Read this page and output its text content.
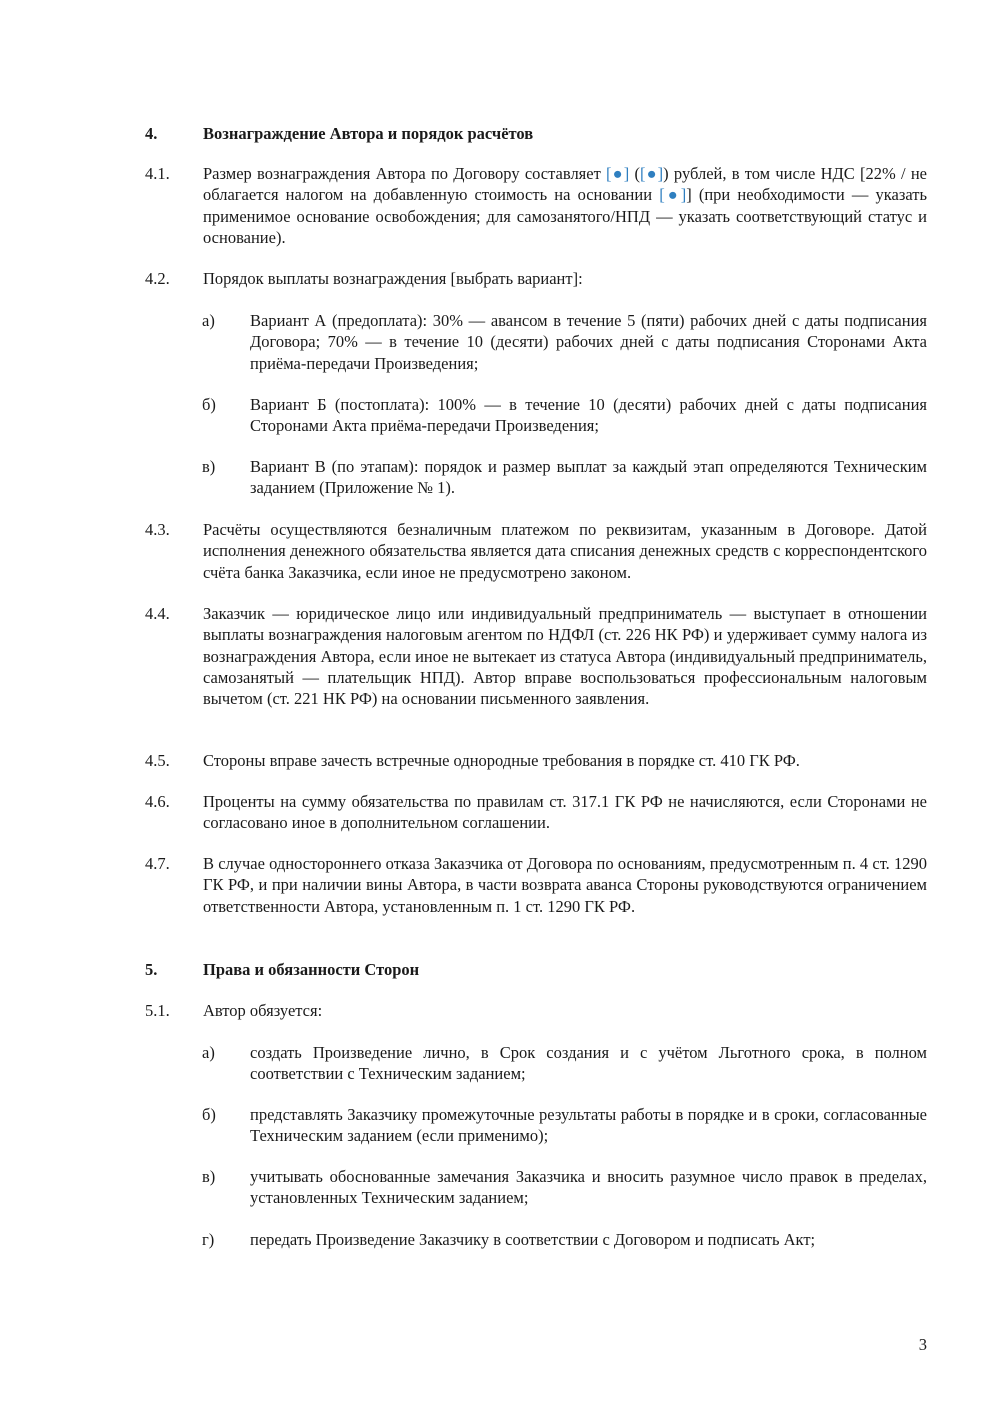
4.	Вознаграждение Автора и порядок расчётов
4.1. Размер вознаграждения Автора по Договору составляет [●] ([●]) рублей, в том числе НДС [22% / не облагается налогом на добавленную стоимость на основании [●]] (при необходимости — указать применимое основание освобождения; для самозанятого/НПД — указать соответствующий статус и основание).
4.2. Порядок выплаты вознаграждения [выбрать вариант]:
а) Вариант А (предоплата): 30% — авансом в течение 5 (пяти) рабочих дней с даты подписания Договора; 70% — в течение 10 (десяти) рабочих дней с даты подписания Сторонами Акта приёма-передачи Произведения;
б) Вариант Б (постоплата): 100% — в течение 10 (десяти) рабочих дней с даты подписания Сторонами Акта приёма-передачи Произведения;
в) Вариант В (по этапам): порядок и размер выплат за каждый этап определяются Техническим заданием (Приложение № 1).
4.3. Расчёты осуществляются безналичным платежом по реквизитам, указанным в Договоре. Датой исполнения денежного обязательства является дата списания денежных средств с корреспондентского счёта банка Заказчика, если иное не предусмотрено законом.
4.4. Заказчик — юридическое лицо или индивидуальный предприниматель — выступает в отношении выплаты вознаграждения налоговым агентом по НДФЛ (ст. 226 НК РФ) и удерживает сумму налога из вознаграждения Автора, если иное не вытекает из статуса Автора (индивидуальный предприниматель, самозанятый — плательщик НПД). Автор вправе воспользоваться профессиональным налоговым вычетом (ст. 221 НК РФ) на основании письменного заявления.
4.5. Стороны вправе зачесть встречные однородные требования в порядке ст. 410 ГК РФ.
4.6. Проценты на сумму обязательства по правилам ст. 317.1 ГК РФ не начисляются, если Сторонами не согласовано иное в дополнительном соглашении.
4.7. В случае одностороннего отказа Заказчика от Договора по основаниям, предусмотренным п. 4 ст. 1290 ГК РФ, и при наличии вины Автора, в части возврата аванса Стороны руководствуются ограничением ответственности Автора, установленным п. 1 ст. 1290 ГК РФ.
5.	Права и обязанности Сторон
5.1. Автор обязуется:
а) создать Произведение лично, в Срок создания и с учётом Льготного срока, в полном соответствии с Техническим заданием;
б) представлять Заказчику промежуточные результаты работы в порядке и в сроки, согласованные Техническим заданием (если применимо);
в) учитывать обоснованные замечания Заказчика и вносить разумное число правок в пределах, установленных Техническим заданием;
г) передать Произведение Заказчику в соответствии с Договором и подписать Акт;
3
